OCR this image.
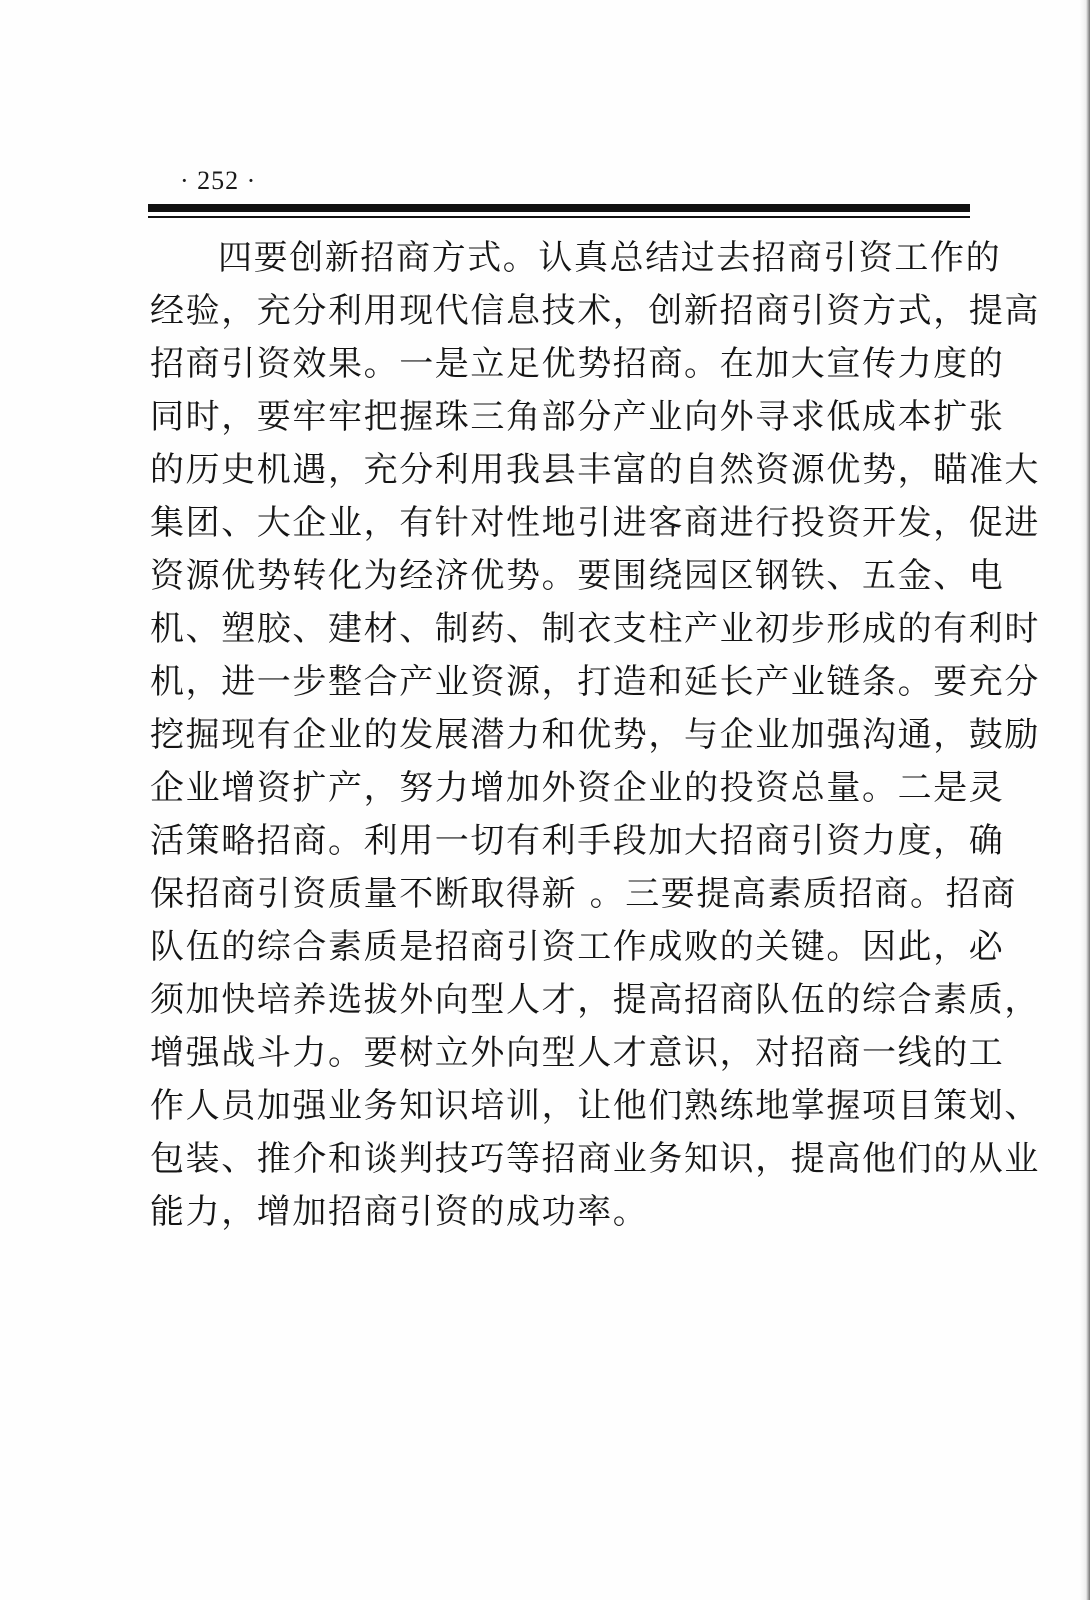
· 252 ·
四要创新招商方式。认真总结过去招商引资工作的
经验，充分利用现代信息技术，创新招商引资方式，提高
招商引资效果。一是立足优势招商。在加大宣传力度的
同时，要牢牢把握珠三角部分产业向外寻求低成本扩张
的历史机遇，充分利用我县丰富的自然资源优势，瞄准大
集团、大企业，有针对性地引进客商进行投资开发，促进
资源优势转化为经济优势。要围绕园区钢铁、五金、电
机、塑胶、建材、制药、制衣支柱产业初步形成的有利时
机，进一步整合产业资源，打造和延长产业链条。要充分
挖掘现有企业的发展潜力和优势，与企业加强沟通，鼓励
企业增资扩产，努力增加外资企业的投资总量。二是灵
活策略招商。利用一切有利手段加大招商引资力度，确
保招商引资质量不断取得新 。三要提高素质招商。招商
队伍的综合素质是招商引资工作成败的关键。因此，必
须加快培养选拔外向型人才，提高招商队伍的综合素质，
增强战斗力。要树立外向型人才意识，对招商一线的工
作人员加强业务知识培训，让他们熟练地掌握项目策划、
包装、推介和谈判技巧等招商业务知识，提高他们的从业
能力，增加招商引资的成功率。
